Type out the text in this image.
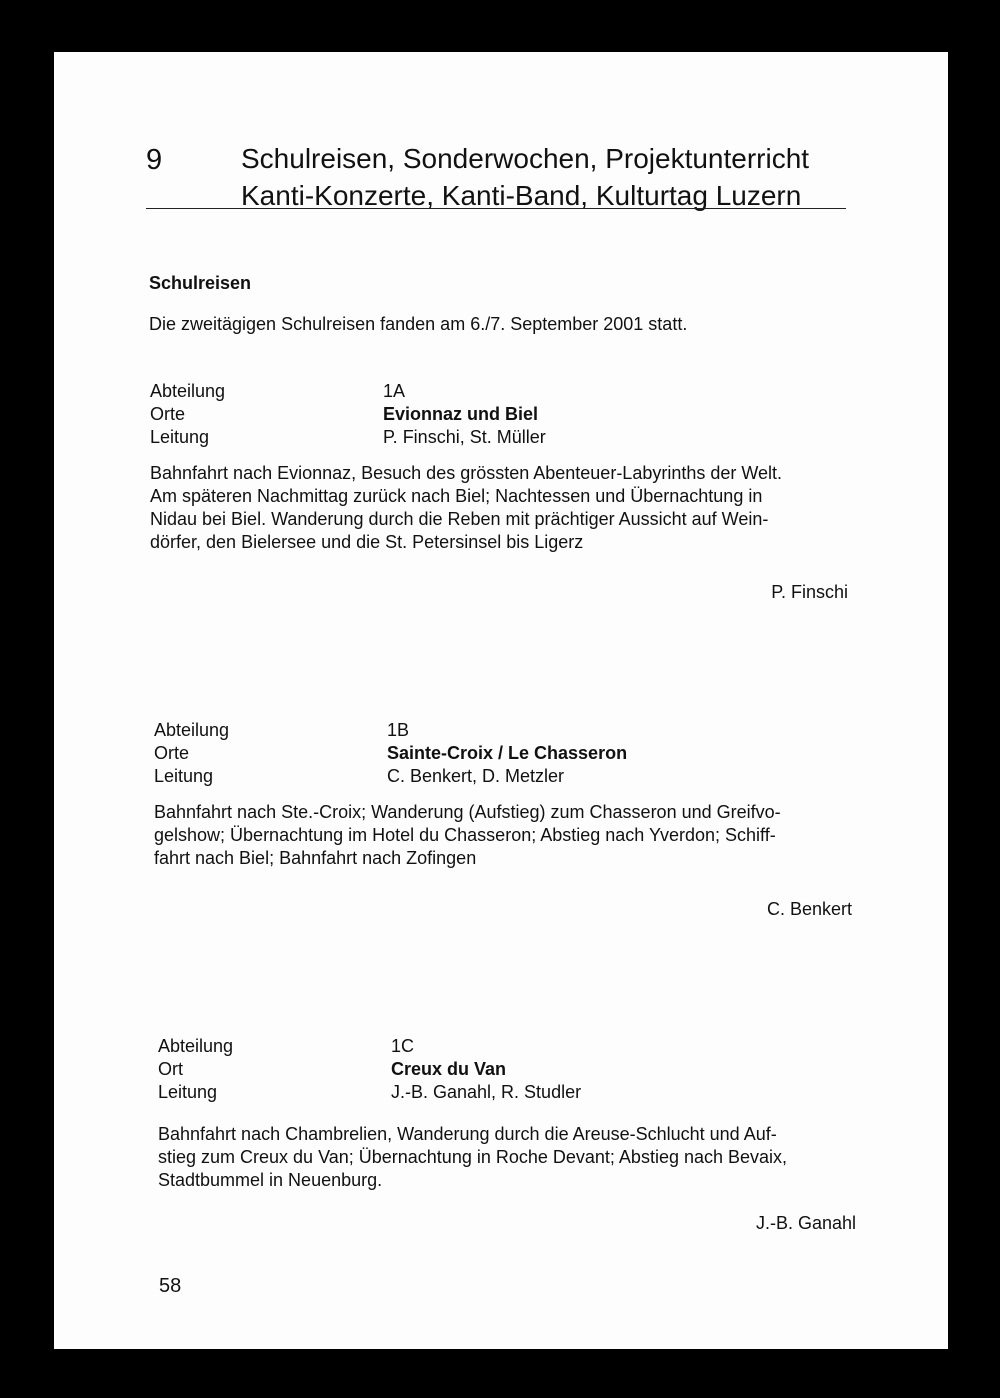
9	Schulreisen, Sonderwochen, Projektunterricht
Kanti-Konzerte, Kanti-Band, Kulturtag Luzern
Schulreisen
Die zweitägigen Schulreisen fanden am 6./7. September 2001 statt.
Abteilung	1A
Orte	Evionnaz und Biel
Leitung	P. Finschi, St. Müller
Bahnfahrt nach Evionnaz, Besuch des grössten Abenteuer-Labyrinths der Welt.
Am späteren Nachmittag zurück nach Biel; Nachtessen und Übernachtung in
Nidau bei Biel. Wanderung durch die Reben mit prächtiger Aussicht auf Wein-
dörfer, den Bielersee und die St. Petersinsel bis Ligerz
P. Finschi
Abteilung	1B
Orte	Sainte-Croix / Le Chasseron
Leitung	C. Benkert, D. Metzler
Bahnfahrt nach Ste.-Croix; Wanderung (Aufstieg) zum Chasseron und Greifvo-
gelshow; Übernachtung im Hotel du Chasseron; Abstieg nach Yverdon; Schiff-
fahrt nach Biel; Bahnfahrt nach Zofingen
C. Benkert
Abteilung	1C
Ort	Creux du Van
Leitung	J.-B. Ganahl, R. Studler
Bahnfahrt nach Chambrelien, Wanderung durch die Areuse-Schlucht und Auf-
stieg zum Creux du Van; Übernachtung in Roche Devant; Abstieg nach Bevaix,
Stadtbummel in Neuenburg.
J.-B. Ganahl
58
